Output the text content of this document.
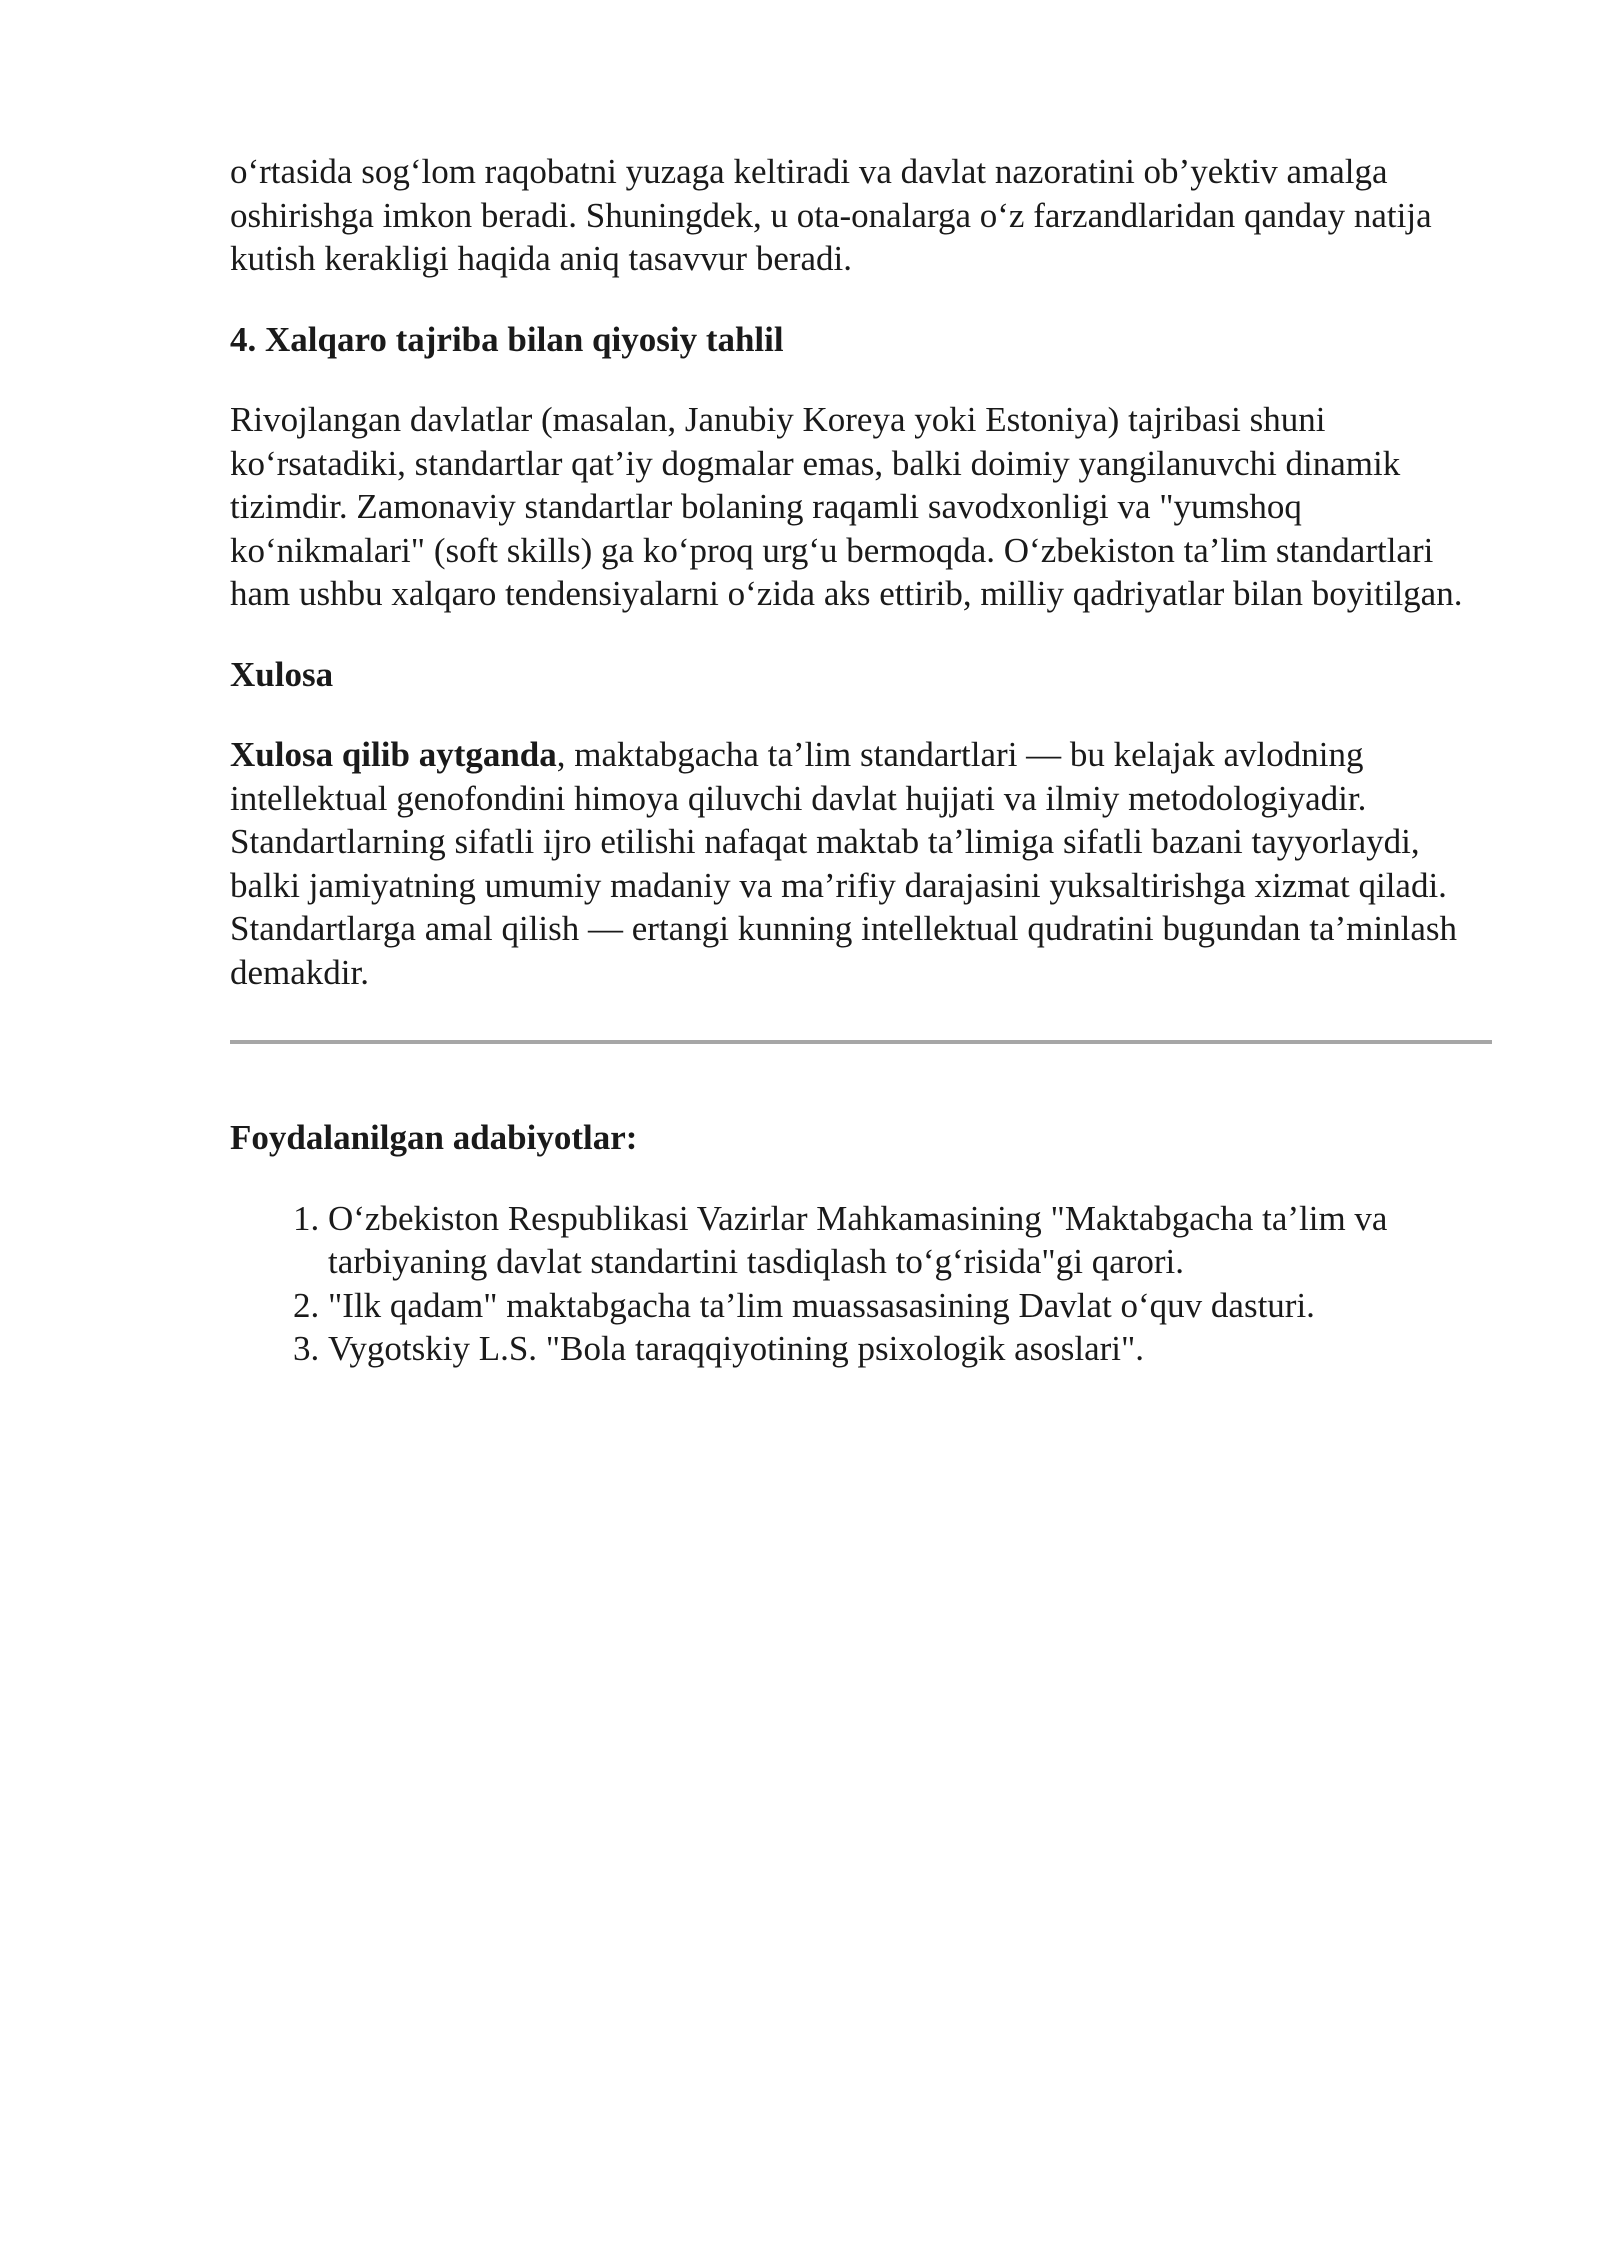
o‘rtasida sog‘lom raqobatni yuzaga keltiradi va davlat nazoratini ob’yektiv amalga oshirishga imkon beradi. Shuningdek, u ota-onalarga o‘z farzandlaridan qanday natija kutish kerakligi haqida aniq tasavvur beradi.

4. Xalqaro tajriba bilan qiyosiy tahlil

Rivojlangan davlatlar (masalan, Janubiy Koreya yoki Estoniya) tajribasi shuni ko‘rsatadiki, standartlar qat’iy dogmalar emas, balki doimiy yangilanuvchi dinamik tizimdir. Zamonaviy standartlar bolaning raqamli savodxonligi va "yumshoq ko‘nikmalari" (soft skills) ga ko‘proq urg‘u bermoqda. O‘zbekiston ta’lim standartlari ham ushbu xalqaro tendensiyalarni o‘zida aks ettirib, milliy qadriyatlar bilan boyitilgan.

Xulosa

Xulosa qilib aytganda, maktabgacha ta’lim standartlari — bu kelajak avlodning intellektual genofondini himoya qiluvchi davlat hujjati va ilmiy metodologiyadir. Standartlarning sifatli ijro etilishi nafaqat maktab ta’limiga sifatli bazani tayyorlaydi, balki jamiyatning umumiy madaniy va ma’rifiy darajasini yuksaltirishga xizmat qiladi. Standartlarga amal qilish — ertangi kunning intellektual qudratini bugundan ta’minlash demakdir.

Foydalanilgan adabiyotlar:
1. O‘zbekiston Respublikasi Vazirlar Mahkamasining "Maktabgacha ta’lim va tarbiyaning davlat standartini tasdiqlash to‘g‘risida"gi qarori.
2. "Ilk qadam" maktabgacha ta’lim muassasasining Davlat o‘quv dasturi.
3. Vygotskiy L.S. "Bola taraqqiyotining psixologik asoslari".
